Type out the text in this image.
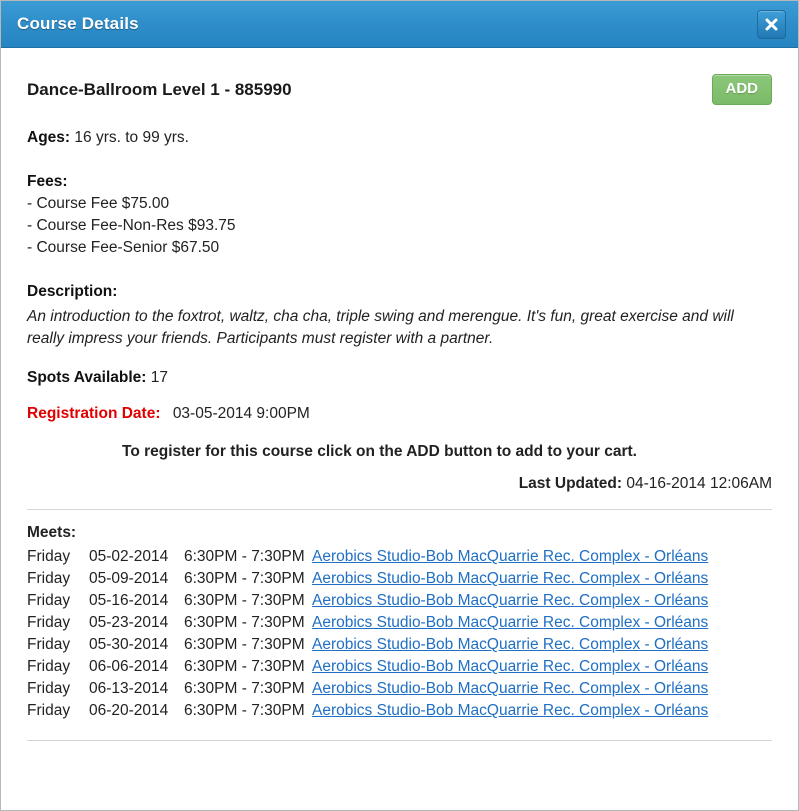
Course Details
Dance-Ballroom Level 1 - 885990	ADD
Ages: 16 yrs. to 99 yrs.
Fees:
- Course Fee $75.00
- Course Fee-Non-Res $93.75
- Course Fee-Senior $67.50
Description:
An introduction to the foxtrot, waltz, cha cha, triple swing and merengue. It's fun, great exercise and will really impress your friends. Participants must register with a partner.
Spots Available: 17
Registration Date: 03-05-2014 9:00PM
To register for this course click on the ADD button to add to your cart.
Last Updated: 04-16-2014 12:06AM
Meets:
Friday	05-02-2014	6:30PM - 7:30PM	Aerobics Studio-Bob MacQuarrie Rec. Complex - Orléans
Friday	05-09-2014	6:30PM - 7:30PM	Aerobics Studio-Bob MacQuarrie Rec. Complex - Orléans
Friday	05-16-2014	6:30PM - 7:30PM	Aerobics Studio-Bob MacQuarrie Rec. Complex - Orléans
Friday	05-23-2014	6:30PM - 7:30PM	Aerobics Studio-Bob MacQuarrie Rec. Complex - Orléans
Friday	05-30-2014	6:30PM - 7:30PM	Aerobics Studio-Bob MacQuarrie Rec. Complex - Orléans
Friday	06-06-2014	6:30PM - 7:30PM	Aerobics Studio-Bob MacQuarrie Rec. Complex - Orléans
Friday	06-13-2014	6:30PM - 7:30PM	Aerobics Studio-Bob MacQuarrie Rec. Complex - Orléans
Friday	06-20-2014	6:30PM - 7:30PM	Aerobics Studio-Bob MacQuarrie Rec. Complex - Orléans
